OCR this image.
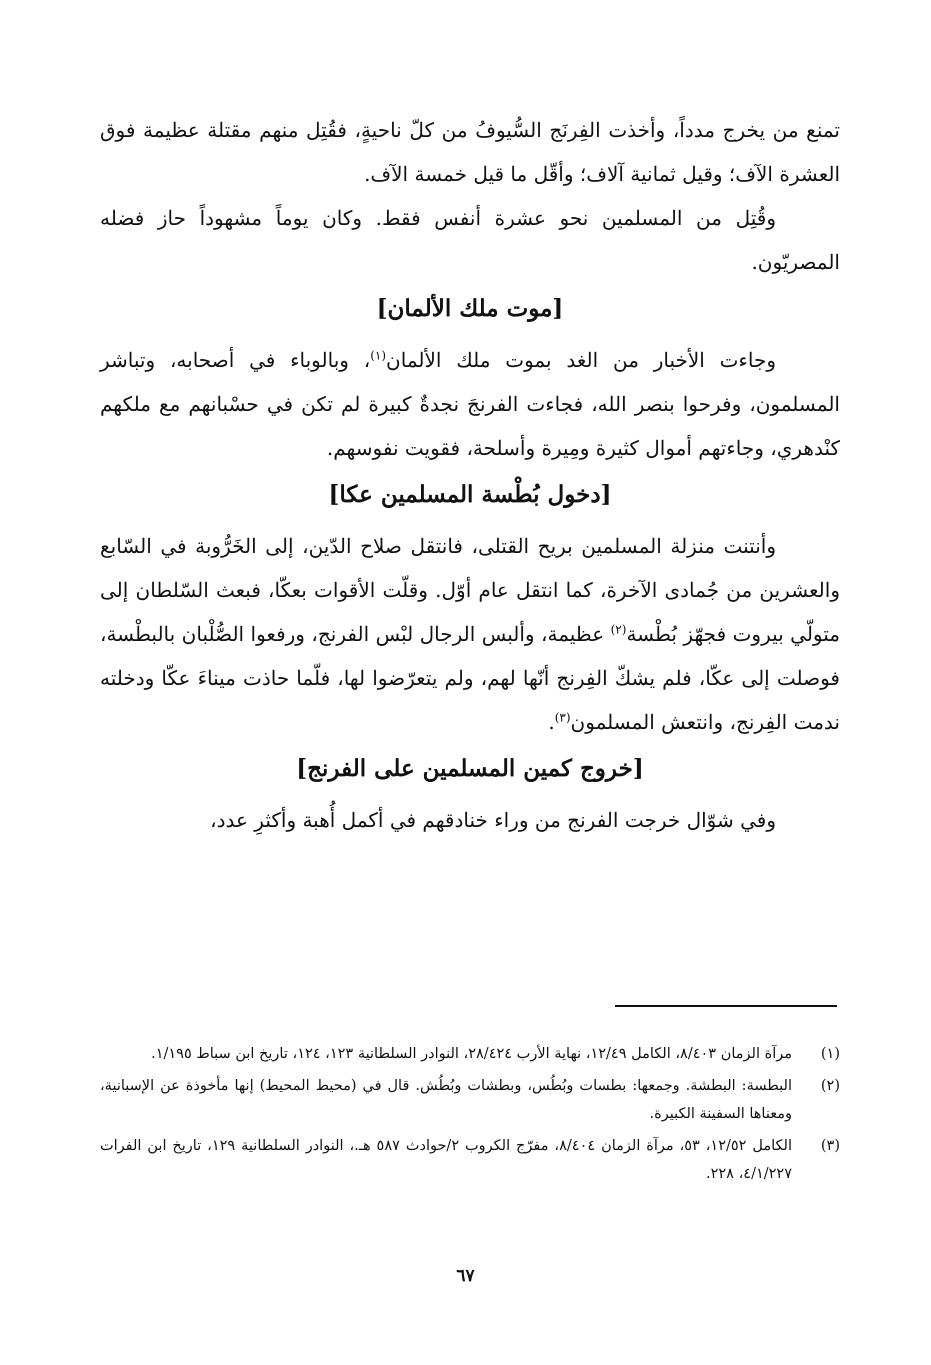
تمنع من يخرج مدداً، وأخذت الفِرنَج السُّيوفُ من كلّ ناحيةٍ، فقُتِل منهم مقتلة عظيمة فوق العشرة الآف؛ وقيل ثمانية آلاف؛ وأقّل ما قيل خمسة الآف.

وقُتِل من المسلمين نحو عشرة أنفس فقط. وكان يوماً مشهوداً حاز فضله المصريّون.

[موت ملك الألمان]

وجاءت الأخبار من الغد بموت ملك الألمان$^{(١)}$، وبالوباء في أصحابه، وتباشر المسلمون، وفرحوا بنصر الله، فجاءت الفرنجَ نجدةٌ كبيرة لم تكن في حسْبانهم مع ملكهم كنْدهري، وجاءتهم أموال كثيرة ومِيرة وأسلحة، فقويت نفوسهم.

[دخول بُطْسة المسلمين عكا]

وأنتنت منزلة المسلمين بريح القتلى، فانتقل صلاح الدّين، إلى الخَرُّوبة في السّابع والعشرين من جُمادى الآخرة، كما انتقل عام أوّل. وقلّت الأقوات بعكّا، فبعث السّلطان إلى متولّي بيروت فجهّز بُطْسة$^{(٢)}$ عظيمة، وألبس الرجال لبْس الفرنج، ورفعوا الصُّلْبان بالبطْسة، فوصلت إلى عكّا، فلم يشكّ الفِرنج أنّها لهم، ولم يتعرّضوا لها، فلّما حاذت ميناءَ عكّا ودخلته ندمت الفِرنج، وانتعش المسلمون$^{(٣)}$.

[خروج كمين المسلمين على الفرنج]

وفي شوّال خرجت الفرنج من وراء خنادقهم في أكمل أُهبة وأكثرِ عدد،

(١)
مرآة الزمان ٨/٤٠٣، الكامل ١٢/٤٩، نهاية الأرب ٢٨/٤٢٤، النوادر السلطانية ١٢٣، ١٢٤، تاريخ ابن سباط ١/١٩٥.
(٢)
البطسة: البطشة. وجمعها: بطسات وبُطُس، وبطشات وبُطُش. قال في (محيط المحيط) إنها مأخوذة عن الإسبانية، ومعناها السفينة الكبيرة.
(٣)
الكامل ١٢/٥٢، ٥٣، مرآة الزمان ٨/٤٠٤، مفرّج الكروب ٢/حوادث ٥٨٧ هـ.، النوادر السلطانية ١٢٩، تاريخ ابن الفرات ٤/١/٢٢٧، ٢٢٨.
٦٧
